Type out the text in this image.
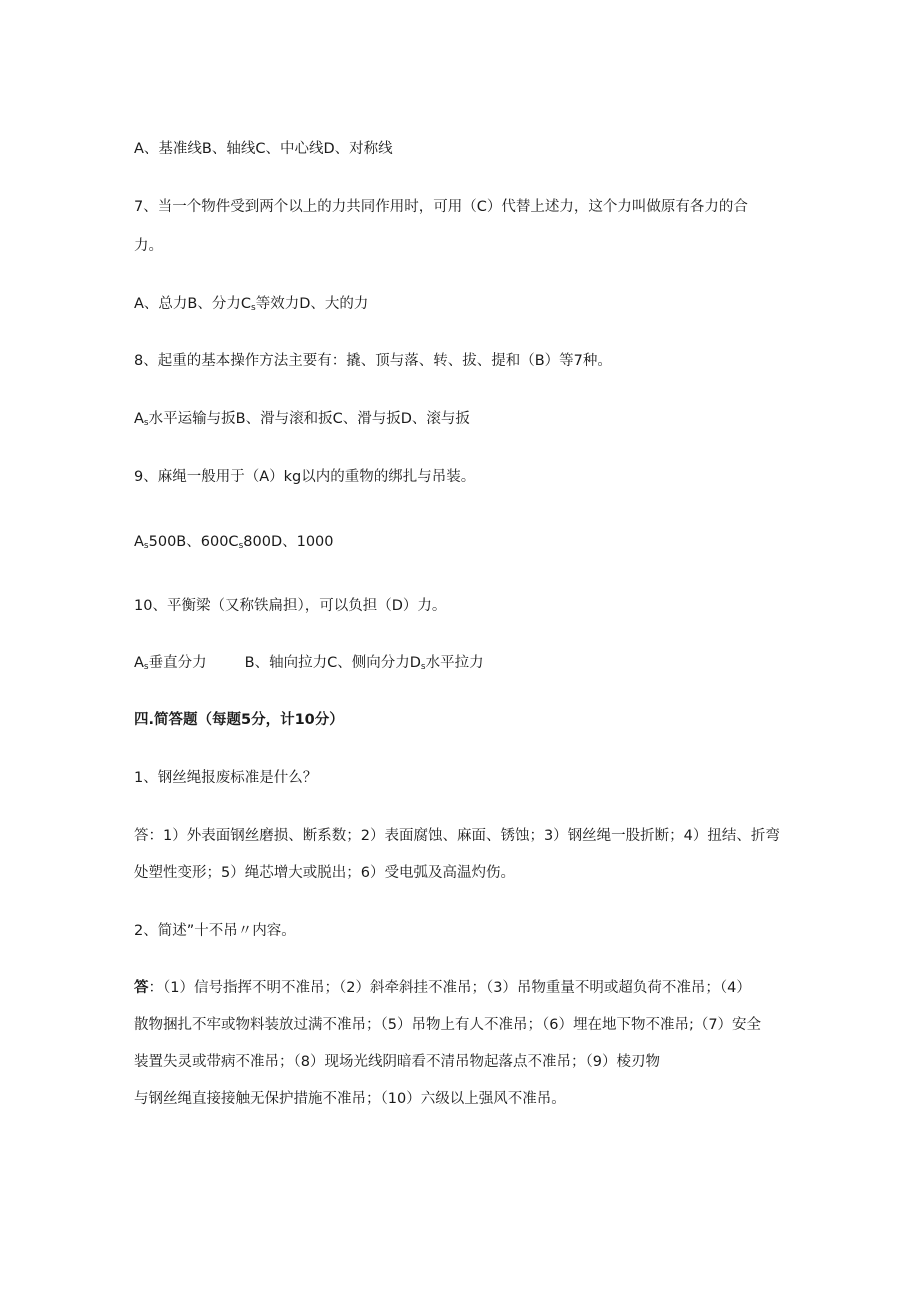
A、基准线B、轴线C、中心线D、对称线
7、当一个物件受到两个以上的力共同作用时，可用（C）代替上述力，这个力叫做原有各力的合
力。
A、总力B、分力$C_s$等效力D、大的力
8、起重的基本操作方法主要有：撬、顶与落、转、拔、提和（B）等7种。
$A_s$水平运输与扳B、滑与滚和扳C、滑与扳D、滚与扳
9、麻绳一般用于（A）kg以内的重物的绑扎与吊装。
$A_s500B$、$600C_s800D$、1000
10、平衡梁（又称铁扁担），可以负担（D）力。
$A_s$垂直分力	B、轴向拉力C、侧向分力$D_s$水平拉力
四.简答题（每题5分，计10分）
1、钢丝绳报废标准是什么？
答：1）外表面钢丝磨损、断系数；2）表面腐蚀、麻面、锈蚀；3）钢丝绳一股折断；4）扭结、折弯
处塑性变形；5）绳芯增大或脱出；6）受电弧及高温灼伤。
2、简述”十不吊〃内容。
答：（1）信号指挥不明不准吊；（2）斜牵斜挂不准吊；（3）吊物重量不明或超负荷不准吊；（4）
散物捆扎不牢或物料装放过满不准吊；（5）吊物上有人不准吊；（6）埋在地下物不准吊;（7）安全
装置失灵或带病不准吊；（8）现场光线阴暗看不清吊物起落点不准吊；（9）棱刃物
与钢丝绳直接接触无保护措施不准吊；（10）六级以上强风不准吊。
